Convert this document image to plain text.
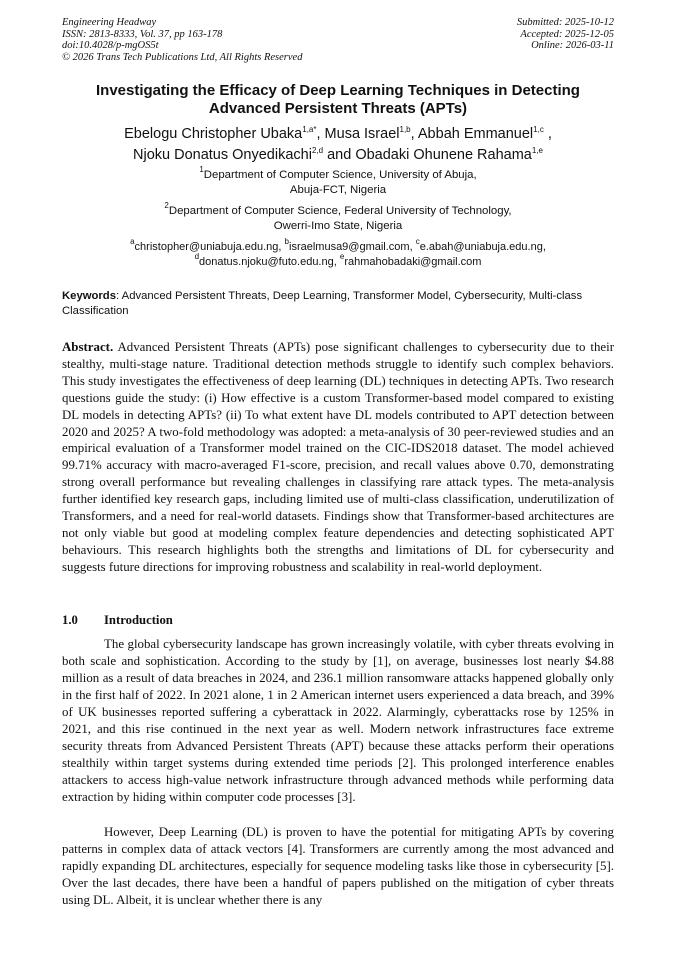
Engineering Headway
ISSN: 2813-8333, Vol. 37, pp 163-178
doi:10.4028/p-mgOS5t
© 2026 Trans Tech Publications Ltd, All Rights Reserved
Submitted: 2025-10-12
Accepted: 2025-12-05
Online: 2026-03-11
Investigating the Efficacy of Deep Learning Techniques in Detecting Advanced Persistent Threats (APTs)
Ebelogu Christopher Ubaka$^{1,a*}$, Musa Israel$^{1,b}$, Abbah Emmanuel$^{1,c}$ ,
Njoku Donatus Onyedikachi$^{2,d}$ and Obadaki Ohunene Rahama$^{1,e}$
$^1$Department of Computer Science, University of Abuja,
Abuja-FCT, Nigeria
$^2$Department of Computer Science, Federal University of Technology,
Owerri-Imo State, Nigeria
$^a$christopher@uniabuja.edu.ng, $^b$israelmusa9@gmail.com, $^c$e.abah@uniabuja.edu.ng,
$^d$donatus.njoku@futo.edu.ng, $^e$rahmahobadaki@gmail.com
Keywords: Advanced Persistent Threats, Deep Learning, Transformer Model, Cybersecurity, Multi-class Classification

Abstract. Advanced Persistent Threats (APTs) pose significant challenges to cybersecurity due to their stealthy, multi-stage nature. Traditional detection methods struggle to identify such complex behaviors. This study investigates the effectiveness of deep learning (DL) techniques in detecting APTs. Two research questions guide the study: (i) How effective is a custom Transformer-based model compared to existing DL models in detecting APTs? (ii) To what extent have DL models contributed to APT detection between 2020 and 2025? A two-fold methodology was adopted: a meta-analysis of 30 peer-reviewed studies and an empirical evaluation of a Transformer model trained on the CIC-IDS2018 dataset. The model achieved 99.71% accuracy with macro-averaged F1-score, precision, and recall values above 0.70, demonstrating strong overall performance but revealing challenges in classifying rare attack types. The meta-analysis further identified key research gaps, including limited use of multi-class classification, underutilization of Transformers, and a need for real-world datasets. Findings show that Transformer-based architectures are not only viable but good at modeling complex feature dependencies and detecting sophisticated APT behaviours. This research highlights both the strengths and limitations of DL for cybersecurity and suggests future directions for improving robustness and scalability in real-world deployment.

1.0 Introduction

The global cybersecurity landscape has grown increasingly volatile, with cyber threats evolving in both scale and sophistication. According to the study by [1], on average, businesses lost nearly $4.88 million as a result of data breaches in 2024, and 236.1 million ransomware attacks happened globally only in the first half of 2022. In 2021 alone, 1 in 2 American internet users experienced a data breach, and 39% of UK businesses reported suffering a cyberattack in 2022. Alarmingly, cyberattacks rose by 125% in 2021, and this rise continued in the next year as well. Modern network infrastructures face extreme security threats from Advanced Persistent Threats (APT) because these attacks perform their operations stealthily within target systems during extended time periods [2]. This prolonged interference enables attackers to access high-value network infrastructure through advanced methods while performing data extraction by hiding within computer code processes [3].

However, Deep Learning (DL) is proven to have the potential for mitigating APTs by covering patterns in complex data of attack vectors [4]. Transformers are currently among the most advanced and rapidly expanding DL architectures, especially for sequence modeling tasks like those in cybersecurity [5]. Over the last decades, there have been a handful of papers published on the mitigation of cyber threats using DL. Albeit, it is unclear whether there is any
